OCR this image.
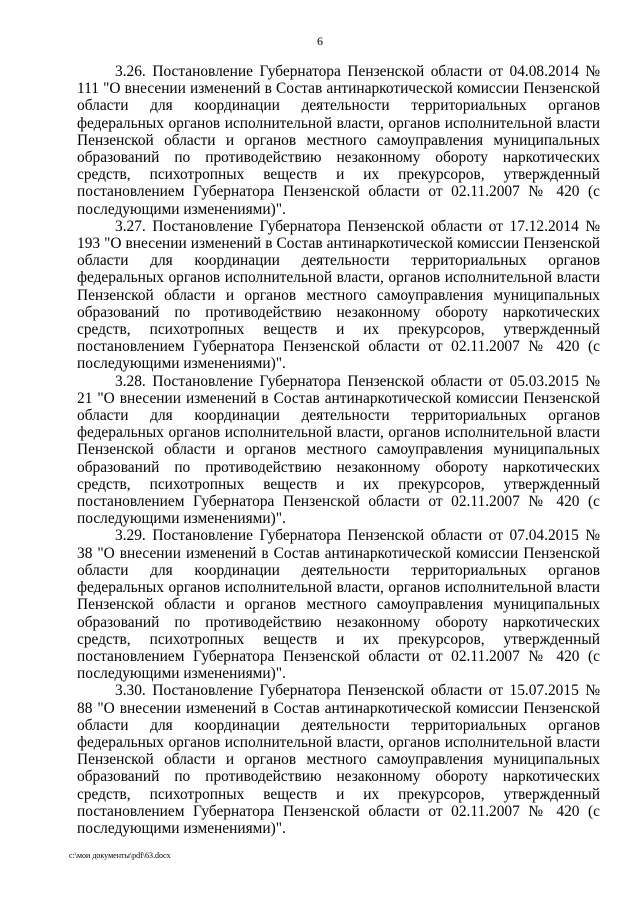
6

3.26. Постановление Губернатора Пензенской области от 04.08.2014 № 111 "О внесении изменений в Состав антинаркотической комиссии Пензенской области для координации деятельности территориальных органов федеральных органов исполнительной власти, органов исполнительной власти Пензенской области и органов местного самоуправления муниципальных образований по противодействию незаконному обороту наркотических средств, психотропных веществ и их прекурсоров, утвержденный постановлением Губернатора Пензенской области от 02.11.2007 № 420 (с последующими изменениями)".

3.27. Постановление Губернатора Пензенской области от 17.12.2014 № 193 "О внесении изменений в Состав антинаркотической комиссии Пензенской области для координации деятельности территориальных органов федеральных органов исполнительной власти, органов исполнительной власти Пензенской области и органов местного самоуправления муниципальных образований по противодействию незаконному обороту наркотических средств, психотропных веществ и их прекурсоров, утвержденный постановлением Губернатора Пензенской области от 02.11.2007 № 420 (с последующими изменениями)".

3.28. Постановление Губернатора Пензенской области от 05.03.2015 № 21 "О внесении изменений в Состав антинаркотической комиссии Пензенской области для координации деятельности территориальных органов федеральных органов исполнительной власти, органов исполнительной власти Пензенской области и органов местного самоуправления муниципальных образований по противодействию незаконному обороту наркотических средств, психотропных веществ и их прекурсоров, утвержденный постановлением Губернатора Пензенской области от 02.11.2007 № 420 (с последующими изменениями)".

3.29. Постановление Губернатора Пензенской области от 07.04.2015 № 38 "О внесении изменений в Состав антинаркотической комиссии Пензенской области для координации деятельности территориальных органов федеральных органов исполнительной власти, органов исполнительной власти Пензенской области и органов местного самоуправления муниципальных образований по противодействию незаконному обороту наркотических средств, психотропных веществ и их прекурсоров, утвержденный постановлением Губернатора Пензенской области от 02.11.2007 № 420 (с последующими изменениями)".

3.30. Постановление Губернатора Пензенской области от 15.07.2015 № 88 "О внесении изменений в Состав антинаркотической комиссии Пензенской области для координации деятельности территориальных органов федеральных органов исполнительной власти, органов исполнительной власти Пензенской области и органов местного самоуправления муниципальных образований по противодействию незаконному обороту наркотических средств, психотропных веществ и их прекурсоров, утвержденный постановлением Губернатора Пензенской области от 02.11.2007 № 420 (с последующими изменениями)".

c:\мои документы\pdf\63.docx
